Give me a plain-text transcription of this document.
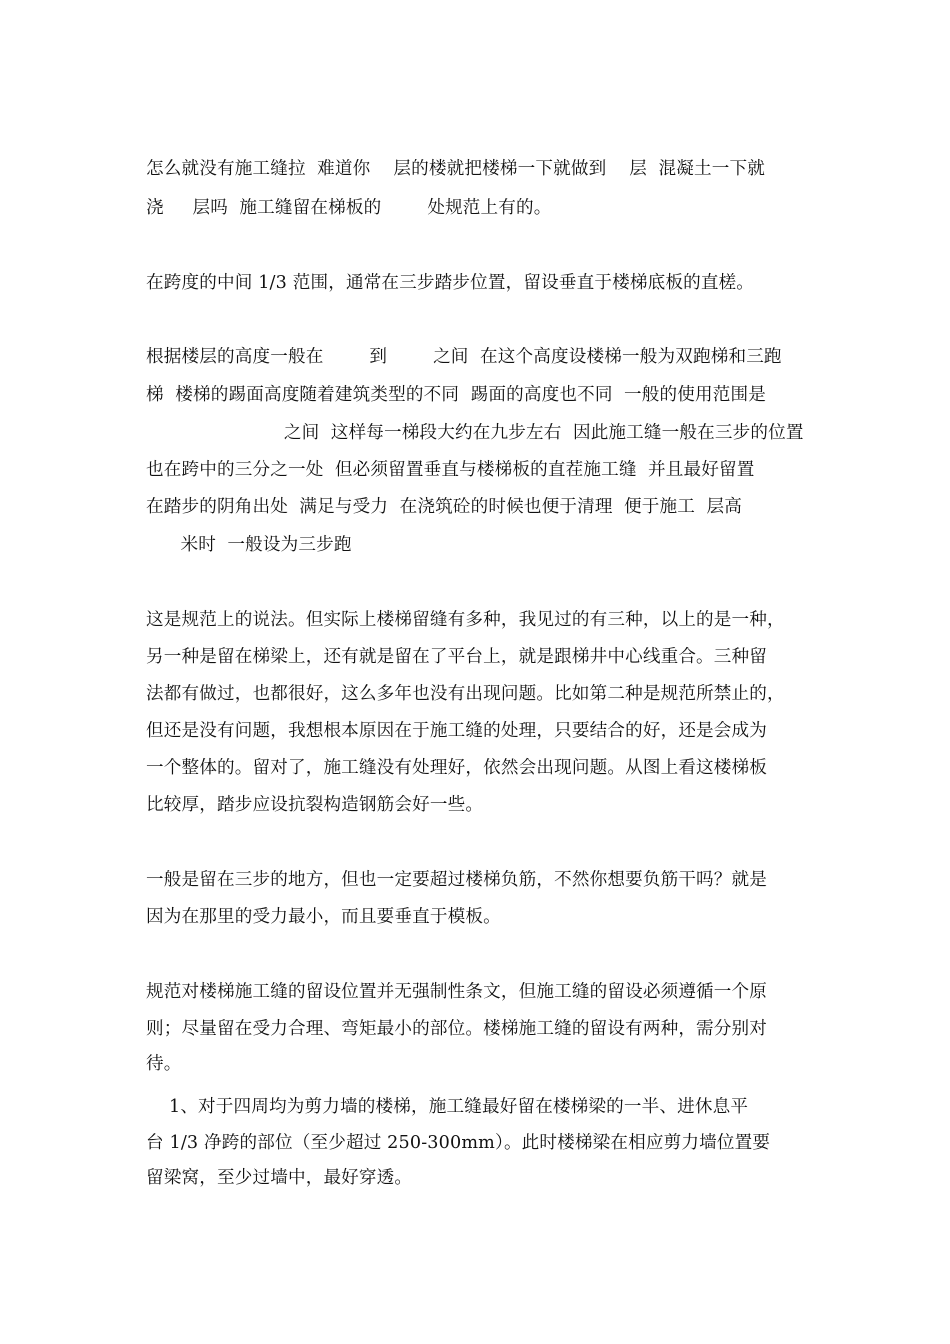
怎么就没有施工缝拉  难道你    层的楼就把楼梯一下就做到    层  混凝土一下就

浇     层吗  施工缝留在梯板的        处规范上有的。

在跨度的中间 1/3 范围，通常在三步踏步位置，留设垂直于楼梯底板的直槎。

根据楼层的高度一般在        到        之间  在这个高度设楼梯一般为双跑梯和三跑

梯  楼梯的踢面高度随着建筑类型的不同  踢面的高度也不同  一般的使用范围是

之间  这样每一梯段大约在九步左右  因此施工缝一般在三步的位置

也在跨中的三分之一处  但必须留置垂直与楼梯板的直茬施工缝  并且最好留置

在踏步的阴角出处  满足与受力  在浇筑砼的时候也便于清理  便于施工  层高

米时  一般设为三步跑

这是规范上的说法。但实际上楼梯留缝有多种，我见过的有三种，以上的是一种，

另一种是留在梯梁上，还有就是留在了平台上，就是跟梯井中心线重合。三种留

法都有做过，也都很好，这么多年也没有出现问题。比如第二种是规范所禁止的，

但还是没有问题，我想根本原因在于施工缝的处理，只要结合的好，还是会成为

一个整体的。留对了，施工缝没有处理好，依然会出现问题。从图上看这楼梯板

比较厚，踏步应设抗裂构造钢筋会好一些。

一般是留在三步的地方，但也一定要超过楼梯负筋，不然你想要负筋干吗？就是

因为在那里的受力最小，而且要垂直于模板。

规范对楼梯施工缝的留设位置并无强制性条文，但施工缝的留设必须遵循一个原

则；尽量留在受力合理、弯矩最小的部位。楼梯施工缝的留设有两种，需分别对

待。

1、对于四周均为剪力墙的楼梯，施工缝最好留在楼梯梁的一半、进休息平

台 1/3 净跨的部位（至少超过 250-300mm）。此时楼梯梁在相应剪力墙位置要

留梁窝，至少过墙中，最好穿透。
